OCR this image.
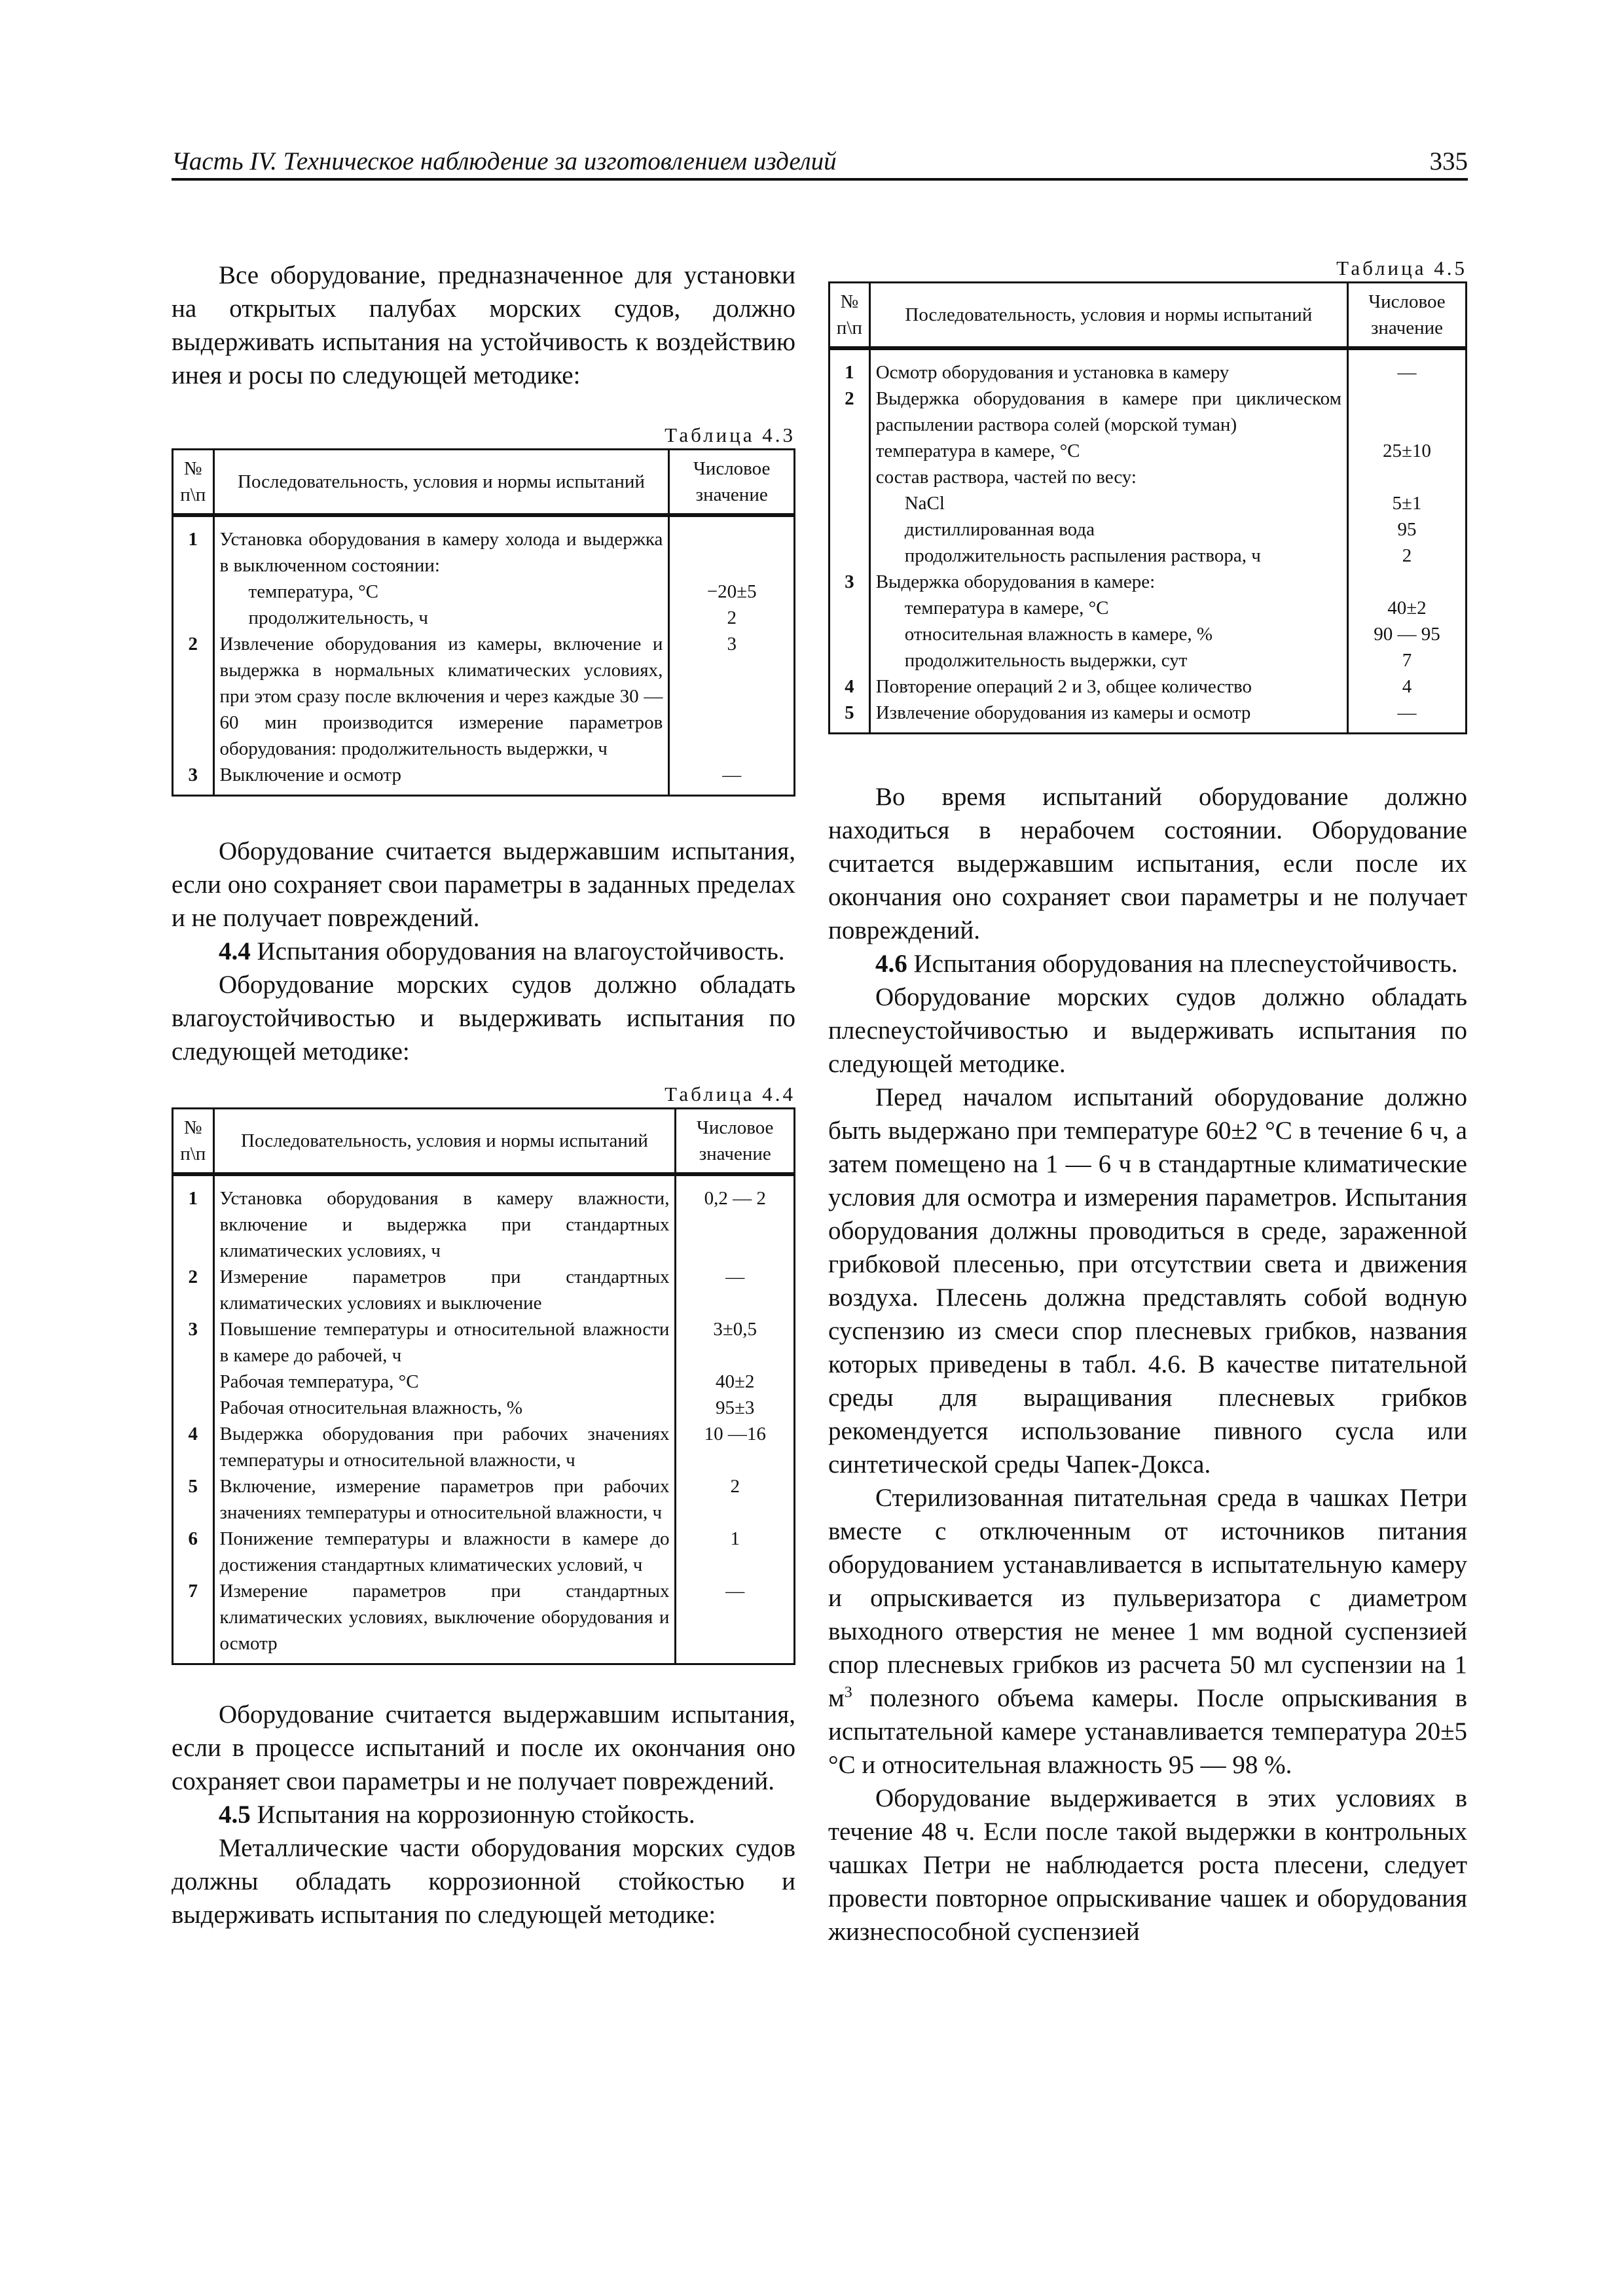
Часть IV. Техническое наблюдение за изготовлением изделий	335

Все оборудование, предназначенное для установки на открытых палубах морских судов, должно выдерживать испытания на устойчивость к воздействию инея и росы по следующей методике:

Таблица 4.3
№ п\п	Последовательность, условия и нормы испытаний	Числовое значение
1	Установка оборудования в камеру холода и выдержка в выключенном состоянии:	

	температура, °С	−20±5

	продолжительность, ч	2
2	Извлечение оборудования из камеры, включение и выдержка в нормальных климатических условиях, при этом сразу после включения и через каждые 30 — 60 мин производится измерение параметров оборудования: продолжительность выдержки, ч	3
3	Выключение и осмотр	—

Оборудование считается выдержавшим испытания, если оно сохраняет свои параметры в заданных пределах и не получает повреждений.

4.4 Испытания оборудования на влагоустойчивость.

Оборудование морских судов должно обладать влагоустойчивостью и выдерживать испытания по следующей методике:

Таблица 4.4
№ п\п	Последовательность, условия и нормы испытаний	Числовое значение
1	Установка оборудования в камеру влажности, включение и выдержка при стандартных климатических условиях, ч	0,2 — 2
2	Измерение параметров при стандартных климатических условиях и выключение	—
3	Повышение температуры и относительной влажности в камере до рабочей, ч	3±0,5
	Рабочая температура, °С	40±2
	Рабочая относительная влажность, %	95±3
4	Выдержка оборудования при рабочих значениях температуры и относительной влажности, ч	10 —16
5	Включение, измерение параметров при рабочих значениях температуры и относительной влажности, ч	2
6	Понижение температуры и влажности в камере до достижения стандартных климатических условий, ч	1
7	Измерение параметров при стандартных климатических условиях, выключение оборудования и осмотр	—

Оборудование считается выдержавшим испытания, если в процессе испытаний и после их окончания оно сохраняет свои параметры и не получает повреждений.

4.5 Испытания на коррозионную стойкость.

Металлические части оборудования морских судов должны обладать коррозионной стойкостью и выдерживать испытания по следующей методике:

Таблица 4.5
№ п\п	Последовательность, условия и нормы испытаний	Числовое значение
1	Осмотр оборудования и установка в камеру	—
2	Выдержка оборудования в камере при циклическом распылении раствора солей (морской туман)	
	температура в камере, °С	25±10
	состав раствора, частей по весу:	

	NaCl	5±1

	дистиллированная вода	95

	продолжительность распыления раствора, ч	2
3	Выдержка оборудования в камере:	

	температура в камере, °С	40±2

	относительная влажность в камере, %	90 — 95

	продолжительность выдержки, сут	7
4	Повторение операций 2 и 3, общее количество	4
5	Извлечение оборудования из камеры и осмотр	—

Во время испытаний оборудование должно находиться в нерабочем состоянии. Оборудование считается выдержавшим испытания, если после их окончания оно сохраняет свои параметры и не получает повреждений.

4.6 Испытания оборудования на плесneустойчивость.

Оборудование морских судов должно обладать плесneустойчивостью и выдерживать испытания по следующей методике.

Перед началом испытаний оборудование должно быть выдержано при температуре 60±2 °С в течение 6 ч, а затем помещено на 1 — 6 ч в стандартные климатические условия для осмотра и измерения параметров. Испытания оборудования должны проводиться в среде, зараженной грибковой плесенью, при отсутствии света и движения воздуха. Плесень должна представлять собой водную суспензию из смеси спор плесневых грибков, названия которых приведены в табл. 4.6. В качестве питательной среды для выращивания плесневых грибков рекомендуется использование пивного сусла или синтетической среды Чапек-Докса.

Стерилизованная питательная среда в чашках Петри вместе с отключенным от источников питания оборудованием устанавливается в испытательную камеру и опрыскивается из пульверизатора с диаметром выходного отверстия не менее 1 мм водной суспензией спор плесневых грибков из расчета 50 мл суспензии на 1 $м^3$ полезного объема камеры. После опрыскивания в испытательной камере устанавливается температура 20±5 °С и относительная влажность 95 — 98 %.

Оборудование выдерживается в этих условиях в течение 48 ч. Если после такой выдержки в контрольных чашках Петри не наблюдается роста плесени, следует провести повторное опрыскивание чашек и оборудования жизнеспособной суспензией
